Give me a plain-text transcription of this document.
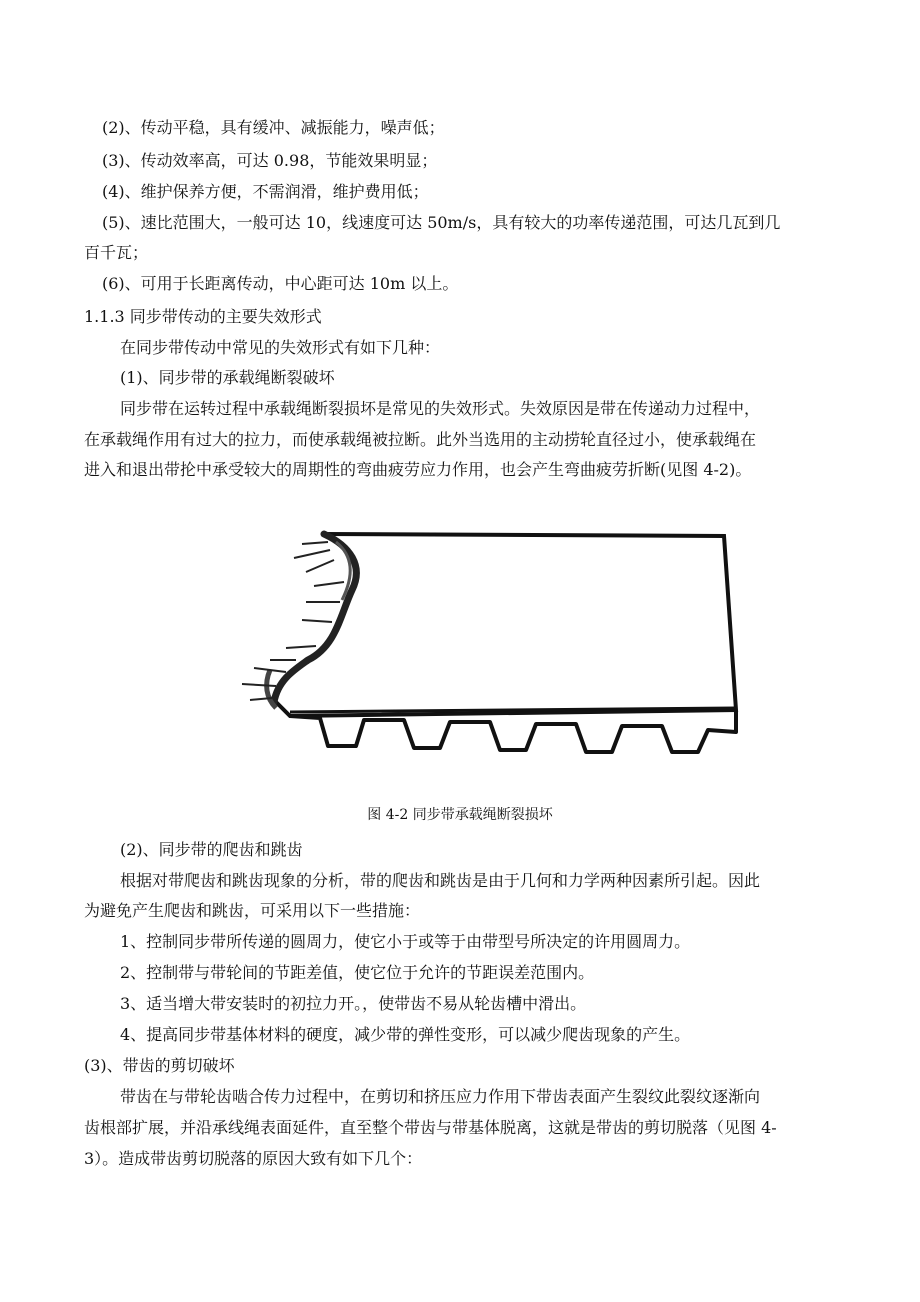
(2)、传动平稳，具有缓冲、减振能力，噪声低；
(3)、传动效率高，可达 0.98，节能效果明显；
(4)、维护保养方便，不需润滑，维护费用低；
(5)、速比范围大，一般可达 10，线速度可达 50m/s，具有较大的功率传递范围，可达几瓦到几
百千瓦；
(6)、可用于长距离传动，中心距可达 10m 以上。
1.1.3 同步带传动的主要失效形式
在同步带传动中常见的失效形式有如下几种：
(1)、同步带的承载绳断裂破坏
同步带在运转过程中承载绳断裂损坏是常见的失效形式。失效原因是带在传递动力过程中，
在承载绳作用有过大的拉力，而使承载绳被拉断。此外当选用的主动捞轮直径过小，使承载绳在
进入和退出带抡中承受较大的周期性的弯曲疲劳应力作用，也会产生弯曲疲劳折断(见图 4-2)。
图 4-2 同步带承载绳断裂损坏
(2)、同步带的爬齿和跳齿
根据对带爬齿和跳齿现象的分析，带的爬齿和跳齿是由于几何和力学两种因素所引起。因此
为避免产生爬齿和跳齿，可采用以下一些措施：
1、控制同步带所传递的圆周力，使它小于或等于由带型号所决定的许用圆周力。
2、控制带与带轮间的节距差值，使它位于允许的节距误差范围内。
3、适当增大带安装时的初拉力开。，使带齿不易从轮齿槽中滑出。
4、提高同步带基体材料的硬度，减少带的弹性变形，可以减少爬齿现象的产生。
(3)、带齿的剪切破坏
带齿在与带轮齿啮合传力过程中，在剪切和挤压应力作用下带齿表面产生裂纹此裂纹逐渐向
齿根部扩展，并沿承线绳表面延件，直至整个带齿与带基体脱离，这就是带齿的剪切脱落（见图 4-
3）。造成带齿剪切脱落的原因大致有如下几个：
